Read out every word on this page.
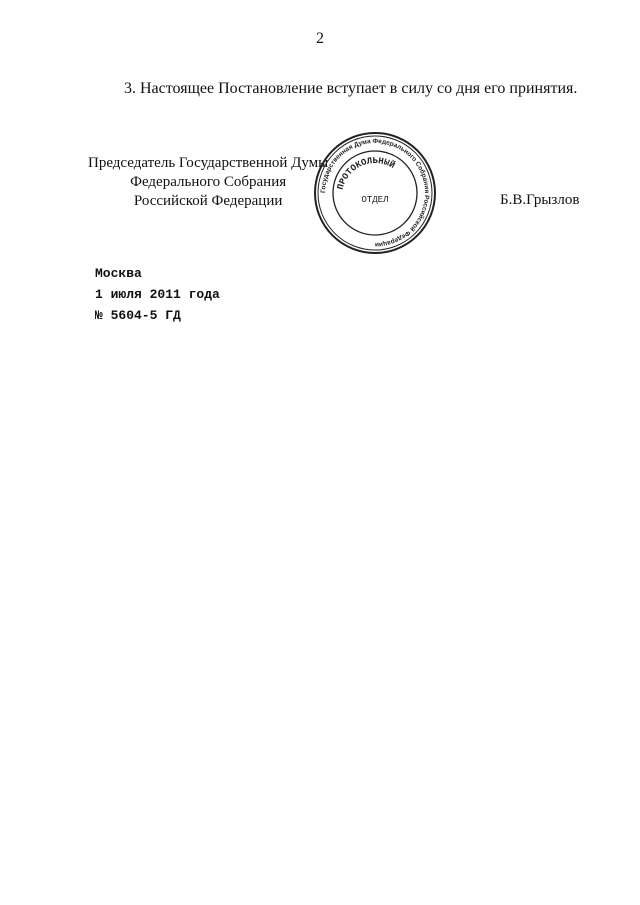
2
3. Настоящее Постановление вступает в силу со дня его принятия.
Председатель Государственной Думы
Федерального Собрания
Российской Федерации
Государственная Дума Федерального Собрания Российской Федерации
ПРОТОКОЛЬНЫЙ
ОТДЕЛ	Б.В.Грызлов
Москва
1 июля 2011 года
№ 5604-5 ГД
